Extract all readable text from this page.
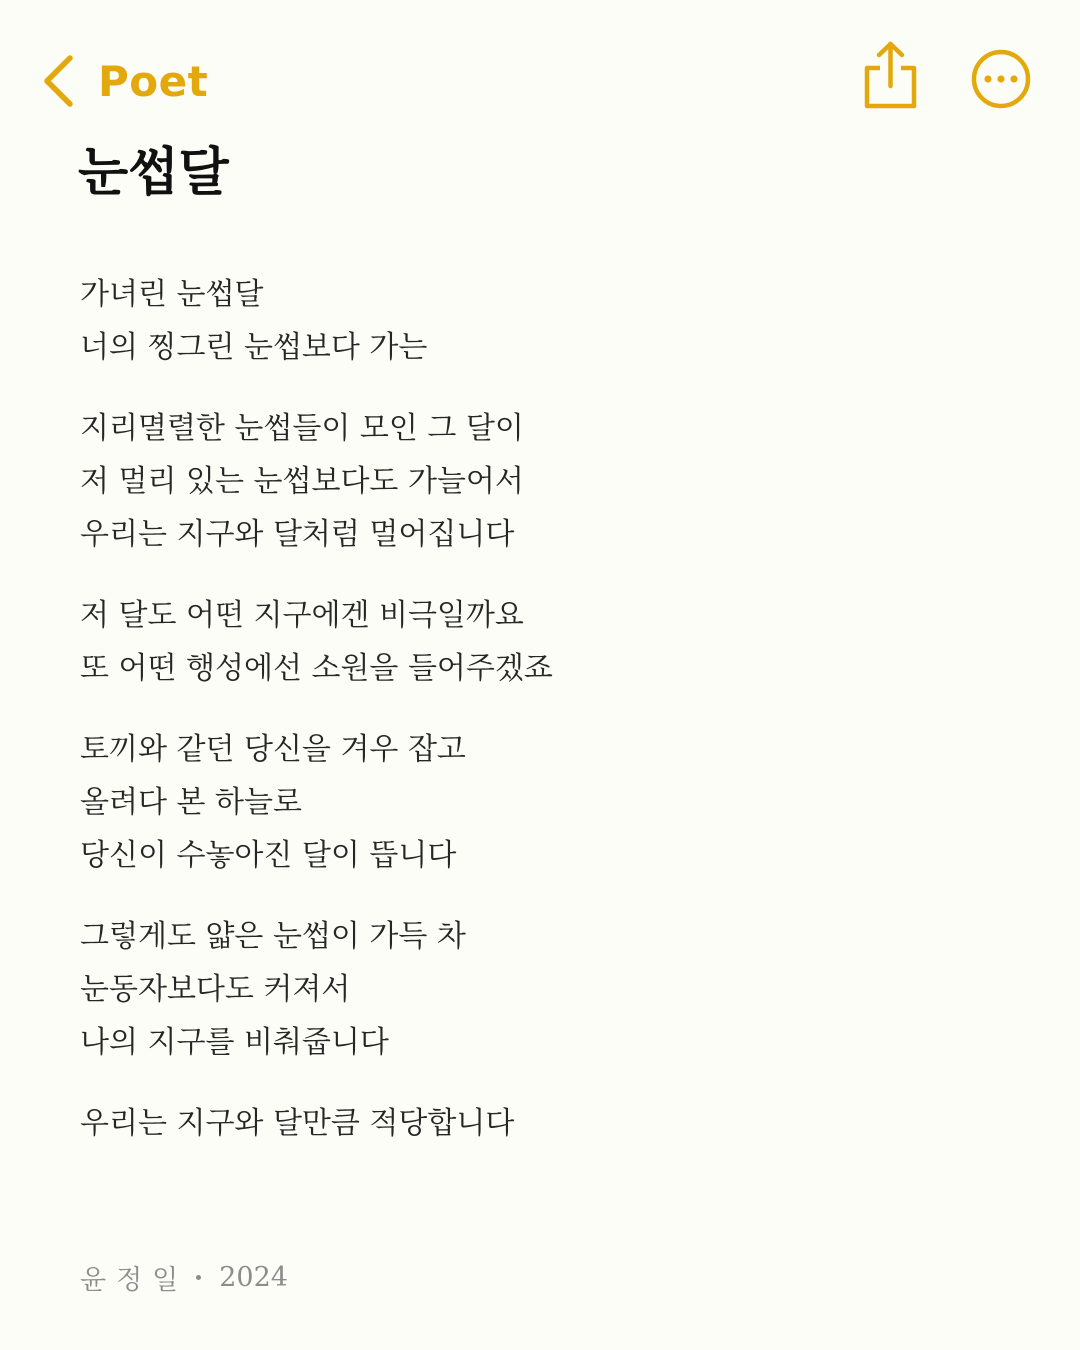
Poet
눈썹달
가녀린 눈썹달
너의 찡그린 눈썹보다 가는
지리멸렬한 눈썹들이 모인 그 달이
저 멀리 있는 눈썹보다도 가늘어서
우리는 지구와 달처럼 멀어집니다
저 달도 어떤 지구에겐 비극일까요
또 어떤 행성에선 소원을 들어주겠죠
토끼와 같던 당신을 겨우 잡고
올려다 본 하늘로
당신이 수놓아진 달이 뜹니다
그렇게도 얇은 눈썹이 가득 차
눈동자보다도 커져서
나의 지구를 비춰줍니다
우리는 지구와 달만큼 적당합니다
윤정일 2024
